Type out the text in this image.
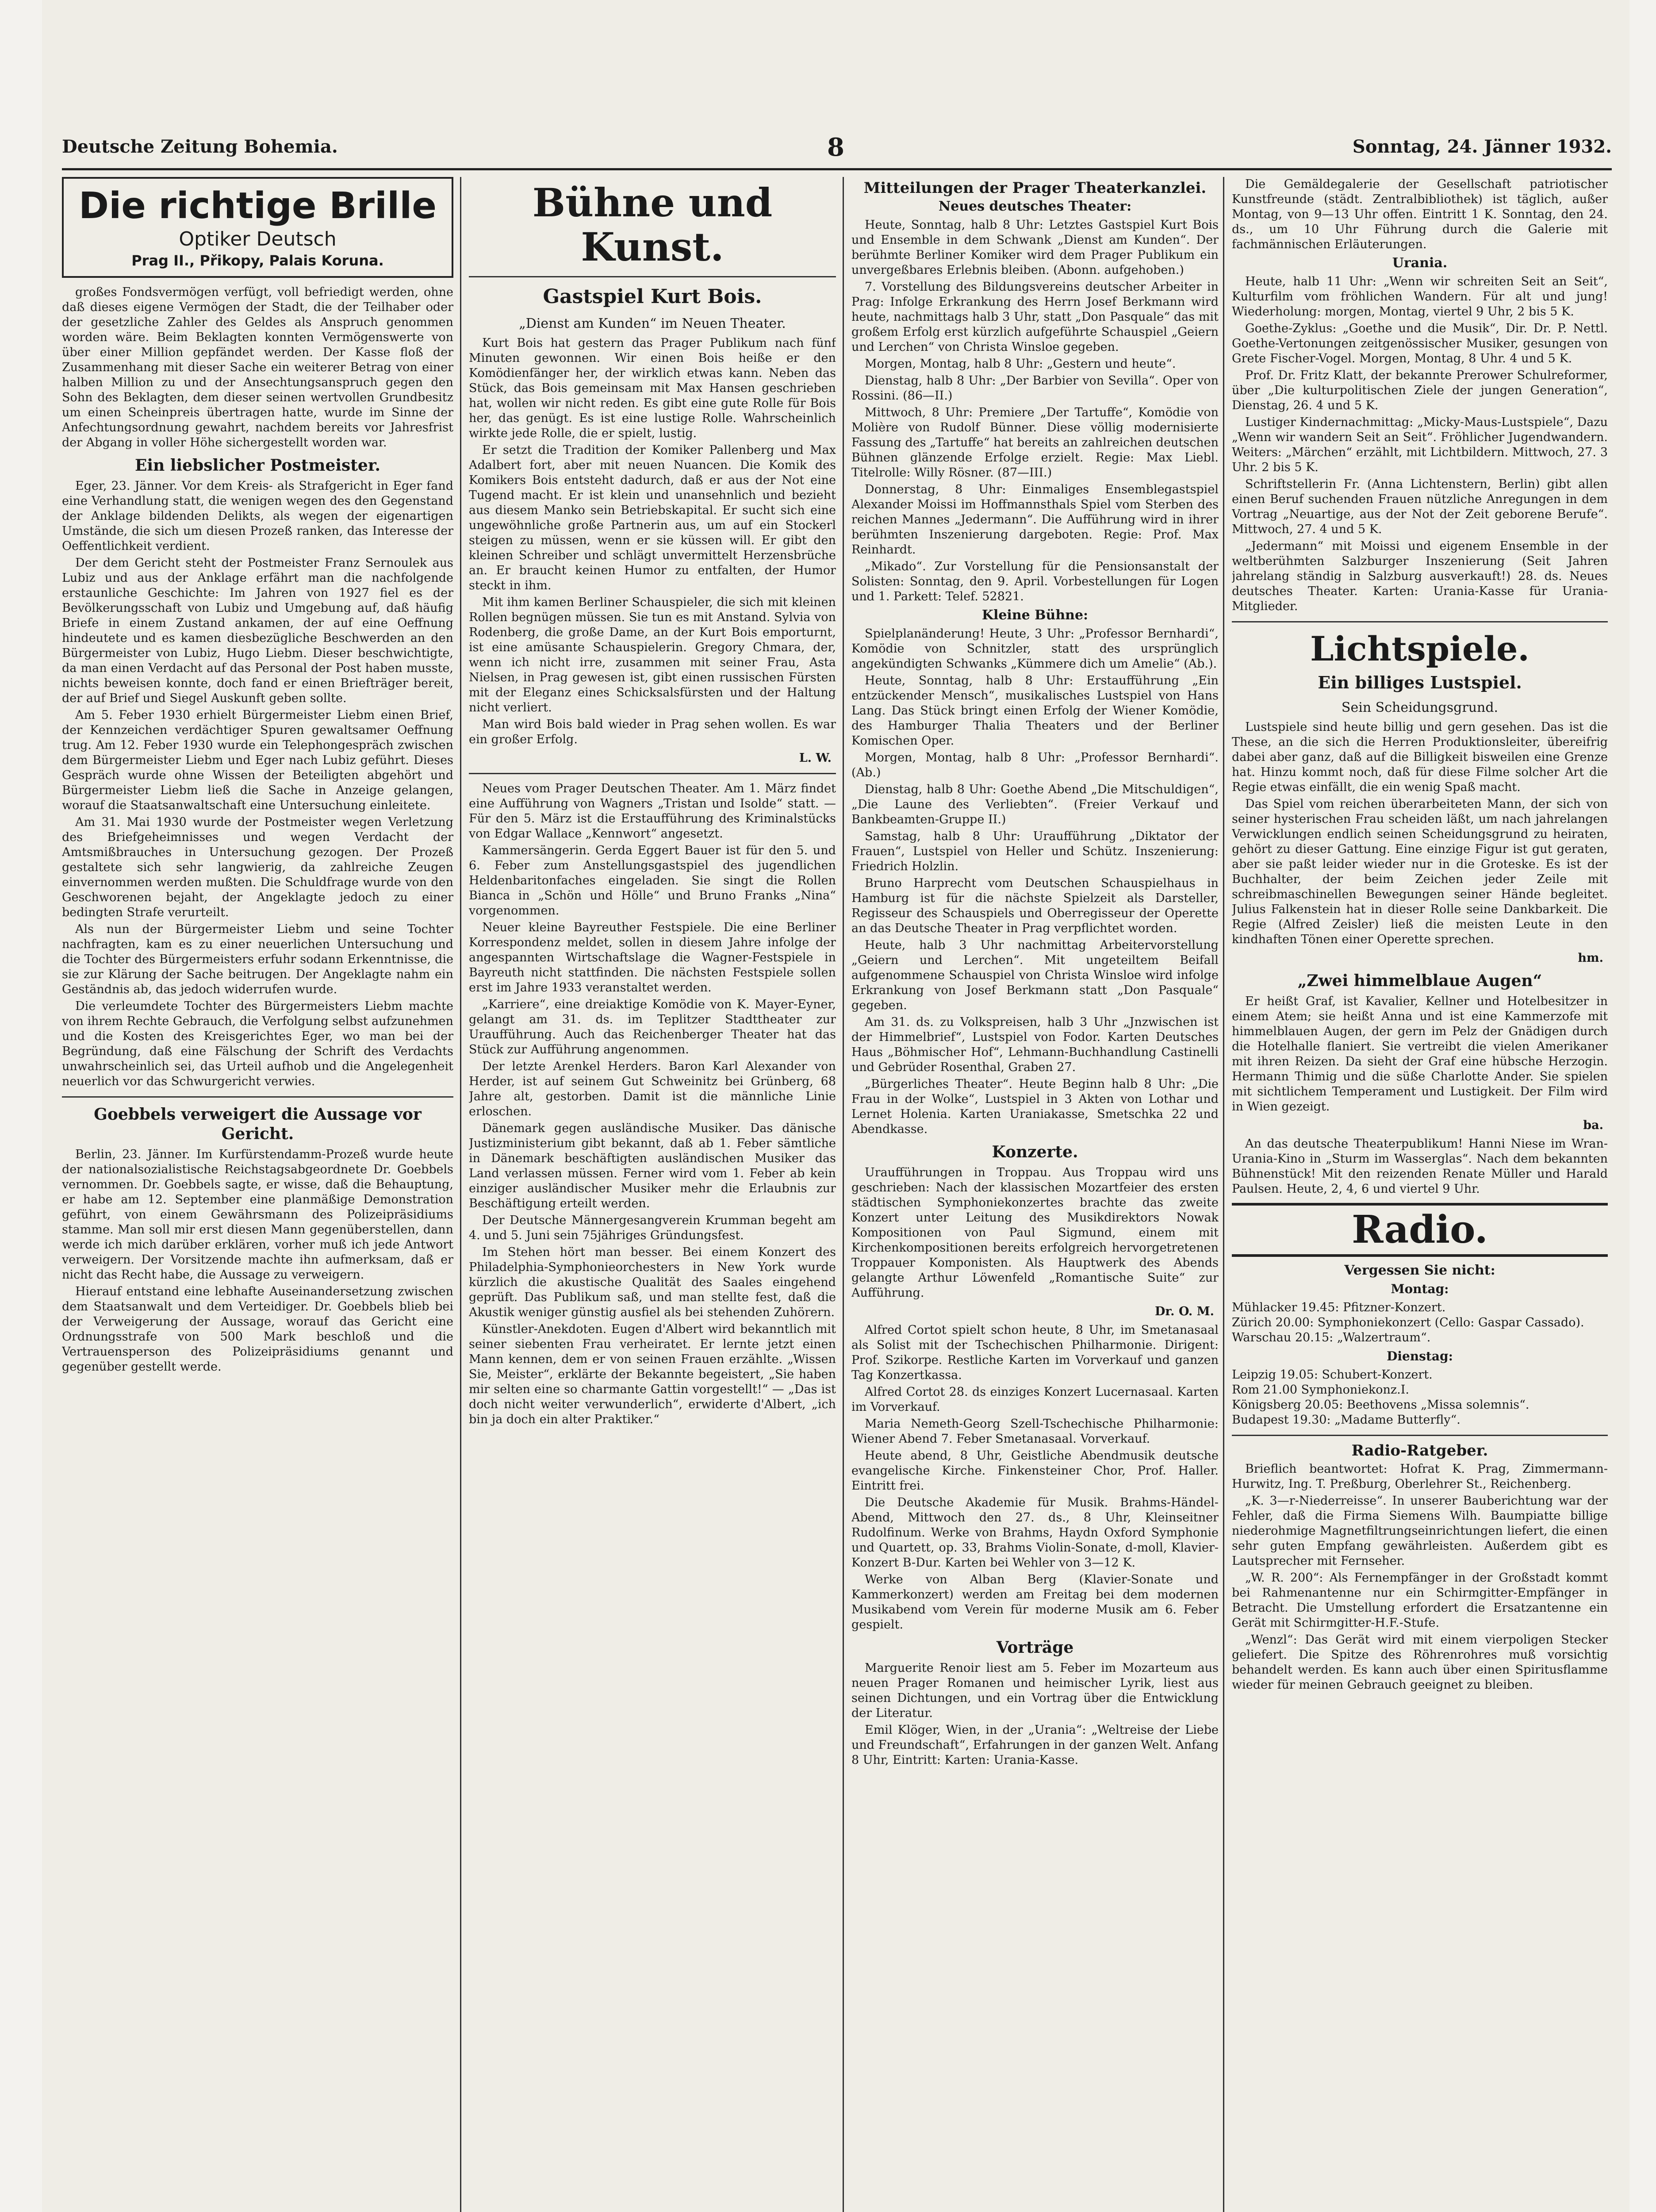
Deutsche Zeitung Bohemia.	8	Sonntag, 24. Jänner 1932.
Die richtige Brille
Optiker Deutsch
Prag II., Přikopy, Palais Koruna.

großes Fondsvermögen verfügt, voll befriedigt werden, ohne daß dieses eigene Vermögen der Stadt, die der Teilhaber oder der gesetzliche Zahler des Geldes als Anspruch genommen worden wäre. Beim Beklagten konnten Vermögenswerte von über einer Million gepfändet werden. Der Kasse floß der Zusammenhang mit dieser Sache ein weiterer Betrag von einer halben Million zu und der Ansechtungsanspruch gegen den Sohn des Beklagten, dem dieser seinen wertvollen Grundbesitz um einen Scheinpreis übertragen hatte, wurde im Sinne der Anfechtungsordnung gewahrt, nachdem bereits vor Jahresfrist der Abgang in voller Höhe sichergestellt worden war.

Ein liebslicher Postmeister.

Eger, 23. Jänner. Vor dem Kreis- als Strafgericht in Eger fand eine Verhandlung statt, die wenigen wegen des den Gegenstand der Anklage bildenden Delikts, als wegen der eigenartigen Umstände, die sich um diesen Prozeß ranken, das Interesse der Oeffentlichkeit verdient.

Der dem Gericht steht der Postmeister Franz Sernoulek aus Lubiz und aus der Anklage erfährt man die nachfolgende erstaunliche Geschichte: Im Jahren von 1927 fiel es der Bevölkerungsschaft von Lubiz und Umgebung auf, daß häufig Briefe in einem Zustand ankamen, der auf eine Oeffnung hindeutete und es kamen diesbezügliche Beschwerden an den Bürgermeister von Lubiz, Hugo Liebm. Dieser beschwichtigte, da man einen Verdacht auf das Personal der Post haben musste, nichts beweisen konnte, doch fand er einen Briefträger bereit, der auf Brief und Siegel Auskunft geben sollte.

Am 5. Feber 1930 erhielt Bürgermeister Liebm einen Brief, der Kennzeichen verdächtiger Spuren gewaltsamer Oeffnung trug. Am 12. Feber 1930 wurde ein Telephongespräch zwischen dem Bürgermeister Liebm und Eger nach Lubiz geführt. Dieses Gespräch wurde ohne Wissen der Beteiligten abgehört und Bürgermeister Liebm ließ die Sache in Anzeige gelangen, worauf die Staatsanwaltschaft eine Untersuchung einleitete.

Am 31. Mai 1930 wurde der Postmeister wegen Verletzung des Briefgeheimnisses und wegen Verdacht der Amtsmißbrauches in Untersuchung gezogen. Der Prozeß gestaltete sich sehr langwierig, da zahlreiche Zeugen einvernommen werden mußten. Die Schuldfrage wurde von den Geschworenen bejaht, der Angeklagte jedoch zu einer bedingten Strafe verurteilt.

Als nun der Bürgermeister Liebm und seine Tochter nachfragten, kam es zu einer neuerlichen Untersuchung und die Tochter des Bürgermeisters erfuhr sodann Erkenntnisse, die sie zur Klärung der Sache beitrugen. Der Angeklagte nahm ein Geständnis ab, das jedoch widerrufen wurde.

Die verleumdete Tochter des Bürgermeisters Liebm machte von ihrem Rechte Gebrauch, die Verfolgung selbst aufzunehmen und die Kosten des Kreisgerichtes Eger, wo man bei der Begründung, daß eine Fälschung der Schrift des Verdachts unwahrscheinlich sei, das Urteil aufhob und die Angelegenheit neuerlich vor das Schwurgericht verwies.

Goebbels verweigert die Aussage vor Gericht.

Berlin, 23. Jänner. Im Kurfürstendamm-Prozeß wurde heute der nationalsozialistische Reichstagsabgeordnete Dr. Goebbels vernommen. Dr. Goebbels sagte, er wisse, daß die Behauptung, er habe am 12. September eine planmäßige Demonstration geführt, von einem Gewährsmann des Polizeipräsidiums stamme. Man soll mir erst diesen Mann gegenüberstellen, dann werde ich mich darüber erklären, vorher muß ich jede Antwort verweigern. Der Vorsitzende machte ihn aufmerksam, daß er nicht das Recht habe, die Aussage zu verweigern.

Hierauf entstand eine lebhafte Auseinandersetzung zwischen dem Staatsanwalt und dem Verteidiger. Dr. Goebbels blieb bei der Verweigerung der Aussage, worauf das Gericht eine Ordnungsstrafe von 500 Mark beschloß und die Vertrauensperson des Polizeipräsidiums genannt und gegenüber gestellt werde.

Bühne und Kunst.
Gastspiel Kurt Bois.
„Dienst am Kunden“ im Neuen Theater.

Kurt Bois hat gestern das Prager Publikum nach fünf Minuten gewonnen. Wir einen Bois heiße er den Komödienfänger her, der wirklich etwas kann. Neben das Stück, das Bois gemeinsam mit Max Hansen geschrieben hat, wollen wir nicht reden. Es gibt eine gute Rolle für Bois her, das genügt. Es ist eine lustige Rolle. Wahrscheinlich wirkte jede Rolle, die er spielt, lustig.

Er setzt die Tradition der Komiker Pallenberg und Max Adalbert fort, aber mit neuen Nuancen. Die Komik des Komikers Bois entsteht dadurch, daß er aus der Not eine Tugend macht. Er ist klein und unansehnlich und bezieht aus diesem Manko sein Betriebskapital. Er sucht sich eine ungewöhnliche große Partnerin aus, um auf ein Stockerl steigen zu müssen, wenn er sie küssen will. Er gibt den kleinen Schreiber und schlägt unvermittelt Herzensbrüche an. Er braucht keinen Humor zu entfalten, der Humor steckt in ihm.

Mit ihm kamen Berliner Schauspieler, die sich mit kleinen Rollen begnügen müssen. Sie tun es mit Anstand. Sylvia von Rodenberg, die große Dame, an der Kurt Bois emporturnt, ist eine amüsante Schauspielerin. Gregory Chmara, der, wenn ich nicht irre, zusammen mit seiner Frau, Asta Nielsen, in Prag gewesen ist, gibt einen russischen Fürsten mit der Eleganz eines Schicksalsfürsten und der Haltung nicht verliert.

Man wird Bois bald wieder in Prag sehen wollen. Es war ein großer Erfolg.

L. W.

Neues vom Prager Deutschen Theater. Am 1. März findet eine Aufführung von Wagners „Tristan und Isolde“ statt. — Für den 5. März ist die Erstaufführung des Kriminalstücks von Edgar Wallace „Kennwort“ angesetzt.

Kammersängerin. Gerda Eggert Bauer ist für den 5. und 6. Feber zum Anstellungsgastspiel des jugendlichen Heldenbaritonfaches eingeladen. Sie singt die Rollen Bianca in „Schön und Hölle“ und Bruno Franks „Nina“ vorgenommen.

Neuer kleine Bayreuther Festspiele. Die eine Berliner Korrespondenz meldet, sollen in diesem Jahre infolge der angespannten Wirtschaftslage die Wagner-Festspiele in Bayreuth nicht stattfinden. Die nächsten Festspiele sollen erst im Jahre 1933 veranstaltet werden.

„Karriere“, eine dreiaktige Komödie von K. Mayer-Eyner, gelangt am 31. ds. im Teplitzer Stadttheater zur Uraufführung. Auch das Reichenberger Theater hat das Stück zur Aufführung angenommen.

Der letzte Arenkel Herders. Baron Karl Alexander von Herder, ist auf seinem Gut Schweinitz bei Grünberg, 68 Jahre alt, gestorben. Damit ist die männliche Linie erloschen.

Dänemark gegen ausländische Musiker. Das dänische Justizministerium gibt bekannt, daß ab 1. Feber sämtliche in Dänemark beschäftigten ausländischen Musiker das Land verlassen müssen. Ferner wird vom 1. Feber ab kein einziger ausländischer Musiker mehr die Erlaubnis zur Beschäftigung erteilt werden.

Der Deutsche Männergesangverein Krumman begeht am 4. und 5. Juni sein 75jähriges Gründungsfest.

Im Stehen hört man besser. Bei einem Konzert des Philadelphia-Symphonieorchesters in New York wurde kürzlich die akustische Qualität des Saales eingehend geprüft. Das Publikum saß, und man stellte fest, daß die Akustik weniger günstig ausfiel als bei stehenden Zuhörern.

Künstler-Anekdoten. Eugen d'Albert wird bekanntlich mit seiner siebenten Frau verheiratet. Er lernte jetzt einen Mann kennen, dem er von seinen Frauen erzählte. „Wissen Sie, Meister“, erklärte der Bekannte begeistert, „Sie haben mir selten eine so charmante Gattin vorgestellt!“ — „Das ist doch nicht weiter verwunderlich“, erwiderte d'Albert, „ich bin ja doch ein alter Praktiker.“

Mitteilungen der Prager Theaterkanzlei.
Neues deutsches Theater:

Heute, Sonntag, halb 8 Uhr: Letztes Gastspiel Kurt Bois und Ensemble in dem Schwank „Dienst am Kunden“. Der berühmte Berliner Komiker wird dem Prager Publikum ein unvergeßbares Erlebnis bleiben. (Abonn. aufgehoben.)

7. Vorstellung des Bildungsvereins deutscher Arbeiter in Prag: Infolge Erkrankung des Herrn Josef Berkmann wird heute, nachmittags halb 3 Uhr, statt „Don Pasquale“ das mit großem Erfolg erst kürzlich aufgeführte Schauspiel „Geiern und Lerchen“ von Christa Winsloe gegeben.

Morgen, Montag, halb 8 Uhr: „Gestern und heute“.

Dienstag, halb 8 Uhr: „Der Barbier von Sevilla“. Oper von Rossini. (86—II.)

Mittwoch, 8 Uhr: Premiere „Der Tartuffe“, Komödie von Molière von Rudolf Bünner. Diese völlig modernisierte Fassung des „Tartuffe“ hat bereits an zahlreichen deutschen Bühnen glänzende Erfolge erzielt. Regie: Max Liebl. Titelrolle: Willy Rösner. (87—III.)

Donnerstag, 8 Uhr: Einmaliges Ensemblegastspiel Alexander Moissi im Hoffmannsthals Spiel vom Sterben des reichen Mannes „Jedermann“. Die Aufführung wird in ihrer berühmten Inszenierung dargeboten. Regie: Prof. Max Reinhardt.

„Mikado“. Zur Vorstellung für die Pensionsanstalt der Solisten: Sonntag, den 9. April. Vorbestellungen für Logen und 1. Parkett: Telef. 52821.

Kleine Bühne:

Spielplanänderung! Heute, 3 Uhr: „Professor Bernhardi“, Komödie von Schnitzler, statt des ursprünglich angekündigten Schwanks „Kümmere dich um Amelie“ (Ab.).

Heute, Sonntag, halb 8 Uhr: Erstaufführung „Ein entzückender Mensch“, musikalisches Lustspiel von Hans Lang. Das Stück bringt einen Erfolg der Wiener Komödie, des Hamburger Thalia Theaters und der Berliner Komischen Oper.

Morgen, Montag, halb 8 Uhr: „Professor Bernhardi“. (Ab.)

Dienstag, halb 8 Uhr: Goethe Abend „Die Mitschuldigen“, „Die Laune des Verliebten“. (Freier Verkauf und Bankbeamten-Gruppe II.)

Samstag, halb 8 Uhr: Uraufführung „Diktator der Frauen“, Lustspiel von Heller und Schütz. Inszenierung: Friedrich Holzlin.

Bruno Harprecht vom Deutschen Schauspielhaus in Hamburg ist für die nächste Spielzeit als Darsteller, Regisseur des Schauspiels und Oberregisseur der Operette an das Deutsche Theater in Prag verpflichtet worden.

Heute, halb 3 Uhr nachmittag Arbeitervorstellung „Geiern und Lerchen“. Mit ungeteiltem Beifall aufgenommene Schauspiel von Christa Winsloe wird infolge Erkrankung von Josef Berkmann statt „Don Pasquale“ gegeben.

Am 31. ds. zu Volkspreisen, halb 3 Uhr „Jnzwischen ist der Himmelbrief“, Lustspiel von Fodor. Karten Deutsches Haus „Böhmischer Hof“, Lehmann-Buchhandlung Castinelli und Gebrüder Rosenthal, Graben 27.

„Bürgerliches Theater“. Heute Beginn halb 8 Uhr: „Die Frau in der Wolke“, Lustspiel in 3 Akten von Lothar und Lernet Holenia. Karten Uraniakasse, Smetschka 22 und Abendkasse.

Konzerte.

Uraufführungen in Troppau. Aus Troppau wird uns geschrieben: Nach der klassischen Mozartfeier des ersten städtischen Symphoniekonzertes brachte das zweite Konzert unter Leitung des Musikdirektors Nowak Kompositionen von Paul Sigmund, einem mit Kirchenkompositionen bereits erfolgreich hervorgetretenen Troppauer Komponisten. Als Hauptwerk des Abends gelangte Arthur Löwenfeld „Romantische Suite“ zur Aufführung.

Dr. O. M.

Alfred Cortot spielt schon heute, 8 Uhr, im Smetanasaal als Solist mit der Tschechischen Philharmonie. Dirigent: Prof. Szikorpe. Restliche Karten im Vorverkauf und ganzen Tag Konzertkassa.

Alfred Cortot 28. ds einziges Konzert Lucernasaal. Karten im Vorverkauf.

Maria Nemeth-Georg Szell-Tschechische Philharmonie: Wiener Abend 7. Feber Smetanasaal. Vorverkauf.

Heute abend, 8 Uhr, Geistliche Abendmusik deutsche evangelische Kirche. Finkensteiner Chor, Prof. Haller. Eintritt frei.

Die Deutsche Akademie für Musik. Brahms-Händel-Abend, Mittwoch den 27. ds., 8 Uhr, Kleinseitner Rudolfinum. Werke von Brahms, Haydn Oxford Symphonie und Quartett, op. 33, Brahms Violin-Sonate, d-moll, Klavier-Konzert B-Dur. Karten bei Wehler von 3—12 K.

Werke von Alban Berg (Klavier-Sonate und Kammerkonzert) werden am Freitag bei dem modernen Musikabend vom Verein für moderne Musik am 6. Feber gespielt.

Vorträge

Marguerite Renoir liest am 5. Feber im Mozarteum aus neuen Prager Romanen und heimischer Lyrik, liest aus seinen Dichtungen, und ein Vortrag über die Entwicklung der Literatur.

Emil Klöger, Wien, in der „Urania“: „Weltreise der Liebe und Freundschaft“, Erfahrungen in der ganzen Welt. Anfang 8 Uhr, Eintritt: Karten: Urania-Kasse.

Die Gemäldegalerie der Gesellschaft patriotischer Kunstfreunde (städt. Zentralbibliothek) ist täglich, außer Montag, von 9—13 Uhr offen. Eintritt 1 K. Sonntag, den 24. ds., um 10 Uhr Führung durch die Galerie mit fachmännischen Erläuterungen.

Urania.

Heute, halb 11 Uhr: „Wenn wir schreiten Seit an Seit“, Kulturfilm vom fröhlichen Wandern. Für alt und jung! Wiederholung: morgen, Montag, viertel 9 Uhr, 2 bis 5 K.

Goethe-Zyklus: „Goethe und die Musik“, Dir. Dr. P. Nettl. Goethe-Vertonungen zeitgenössischer Musiker, gesungen von Grete Fischer-Vogel. Morgen, Montag, 8 Uhr. 4 und 5 K.

Prof. Dr. Fritz Klatt, der bekannte Prerower Schulreformer, über „Die kulturpolitischen Ziele der jungen Generation“, Dienstag, 26. 4 und 5 K.

Lustiger Kindernachmittag: „Micky-Maus-Lustspiele“, Dazu „Wenn wir wandern Seit an Seit“. Fröhlicher Jugendwandern. Weiters: „Märchen“ erzählt, mit Lichtbildern. Mittwoch, 27. 3 Uhr. 2 bis 5 K.

Schriftstellerin Fr. (Anna Lichtenstern, Berlin) gibt allen einen Beruf suchenden Frauen nützliche Anregungen in dem Vortrag „Neuartige, aus der Not der Zeit geborene Berufe“. Mittwoch, 27. 4 und 5 K.

„Jedermann“ mit Moissi und eigenem Ensemble in der weltberühmten Salzburger Inszenierung (Seit Jahren jahrelang ständig in Salzburg ausverkauft!) 28. ds. Neues deutsches Theater. Karten: Urania-Kasse für Urania-Mitglieder.

Lichtspiele.
Ein billiges Lustspiel.
Sein Scheidungsgrund.

Lustspiele sind heute billig und gern gesehen. Das ist die These, an die sich die Herren Produktionsleiter, übereifrig dabei aber ganz, daß auf die Billigkeit bisweilen eine Grenze hat. Hinzu kommt noch, daß für diese Filme solcher Art die Regie etwas einfällt, die ein wenig Spaß macht.

Das Spiel vom reichen überarbeiteten Mann, der sich von seiner hysterischen Frau scheiden läßt, um nach jahrelangen Verwicklungen endlich seinen Scheidungsgrund zu heiraten, gehört zu dieser Gattung. Eine einzige Figur ist gut geraten, aber sie paßt leider wieder nur in die Groteske. Es ist der Buchhalter, der beim Zeichen jeder Zeile mit schreibmaschinellen Bewegungen seiner Hände begleitet. Julius Falkenstein hat in dieser Rolle seine Dankbarkeit. Die Regie (Alfred Zeisler) ließ die meisten Leute in den kindhaften Tönen einer Operette sprechen.

hm.
„Zwei himmelblaue Augen“

Er heißt Graf, ist Kavalier, Kellner und Hotelbesitzer in einem Atem; sie heißt Anna und ist eine Kammerzofe mit himmelblauen Augen, der gern im Pelz der Gnädigen durch die Hotelhalle flaniert. Sie vertreibt die vielen Amerikaner mit ihren Reizen. Da sieht der Graf eine hübsche Herzogin. Hermann Thimig und die süße Charlotte Ander. Sie spielen mit sichtlichem Temperament und Lustigkeit. Der Film wird in Wien gezeigt.

ba.

An das deutsche Theaterpublikum! Hanni Niese im Wran-Urania-Kino in „Sturm im Wasserglas“. Nach dem bekannten Bühnenstück! Mit den reizenden Renate Müller und Harald Paulsen. Heute, 2, 4, 6 und viertel 9 Uhr.

Radio.
Vergessen Sie nicht:
Montag:
Mühlacker 19.45: Pfitzner-Konzert.
Zürich 20.00: Symphoniekonzert (Cello: Gaspar Cassado).
Warschau 20.15: „Walzertraum“.
Dienstag:
Leipzig 19.05: Schubert-Konzert.
Rom 21.00 Symphoniekonz.I.
Königsberg 20.05: Beethovens „Missa solemnis“.
Budapest 19.30: „Madame Butterfly“.
Radio-Ratgeber.

Brieflich beantwortet: Hofrat K. Prag, Zimmermann-Hurwitz, Ing. T. Preßburg, Oberlehrer St., Reichenberg.

„K. 3—r-Niederreisse“. In unserer Bauberichtung war der Fehler, daß die Firma Siemens Wilh. Baumpiatte billige niederohmige Magnetfiltrungseinrichtungen liefert, die einen sehr guten Empfang gewährleisten. Außerdem gibt es Lautsprecher mit Fernseher.

„W. R. 200“: Als Fernempfänger in der Großstadt kommt bei Rahmenantenne nur ein Schirmgitter-Empfänger in Betracht. Die Umstellung erfordert die Ersatzantenne ein Gerät mit Schirmgitter-H.F.-Stufe.

„Wenzl“: Das Gerät wird mit einem vierpoligen Stecker geliefert. Die Spitze des Röhrenrohres muß vorsichtig behandelt werden. Es kann auch über einen Spiritusflamme wieder für meinen Gebrauch geeignet zu bleiben.
